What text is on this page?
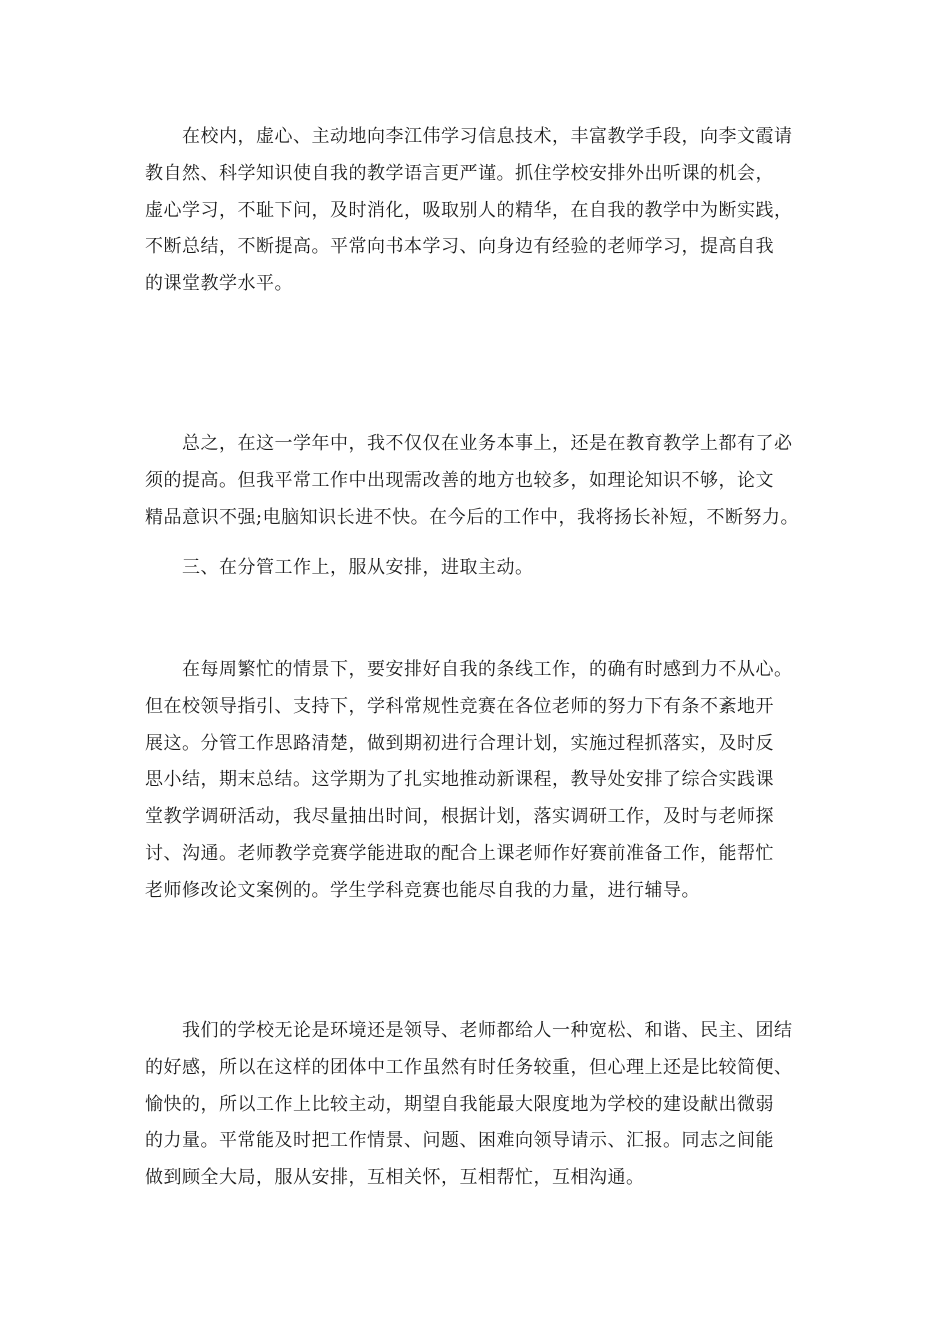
　　在校内，虚心、主动地向李江伟学习信息技术，丰富教学手段，向李文霞请
教自然、科学知识使自我的教学语言更严谨。抓住学校安排外出听课的机会，
虚心学习，不耻下问，及时消化，吸取别人的精华，在自我的教学中为断实践，
不断总结，不断提高。平常向书本学习、向身边有经验的老师学习，提高自我
的课堂教学水平。
　　总之，在这一学年中，我不仅仅在业务本事上，还是在教育教学上都有了必
须的提高。但我平常工作中出现需改善的地方也较多，如理论知识不够，论文
精品意识不强;电脑知识长进不快。在今后的工作中，我将扬长补短，不断努力。
　　三、在分管工作上，服从安排，进取主动。
　　在每周繁忙的情景下，要安排好自我的条线工作，的确有时感到力不从心。
但在校领导指引、支持下，学科常规性竞赛在各位老师的努力下有条不紊地开
展这。分管工作思路清楚，做到期初进行合理计划，实施过程抓落实，及时反
思小结，期末总结。这学期为了扎实地推动新课程，教导处安排了综合实践课
堂教学调研活动，我尽量抽出时间，根据计划，落实调研工作，及时与老师探
讨、沟通。老师教学竞赛学能进取的配合上课老师作好赛前准备工作，能帮忙
老师修改论文案例的。学生学科竞赛也能尽自我的力量，进行辅导。
　　我们的学校无论是环境还是领导、老师都给人一种宽松、和谐、民主、团结
的好感，所以在这样的团体中工作虽然有时任务较重，但心理上还是比较简便、
愉快的，所以工作上比较主动，期望自我能最大限度地为学校的建设献出微弱
的力量。平常能及时把工作情景、问题、困难向领导请示、汇报。同志之间能
做到顾全大局，服从安排，互相关怀，互相帮忙，互相沟通。
